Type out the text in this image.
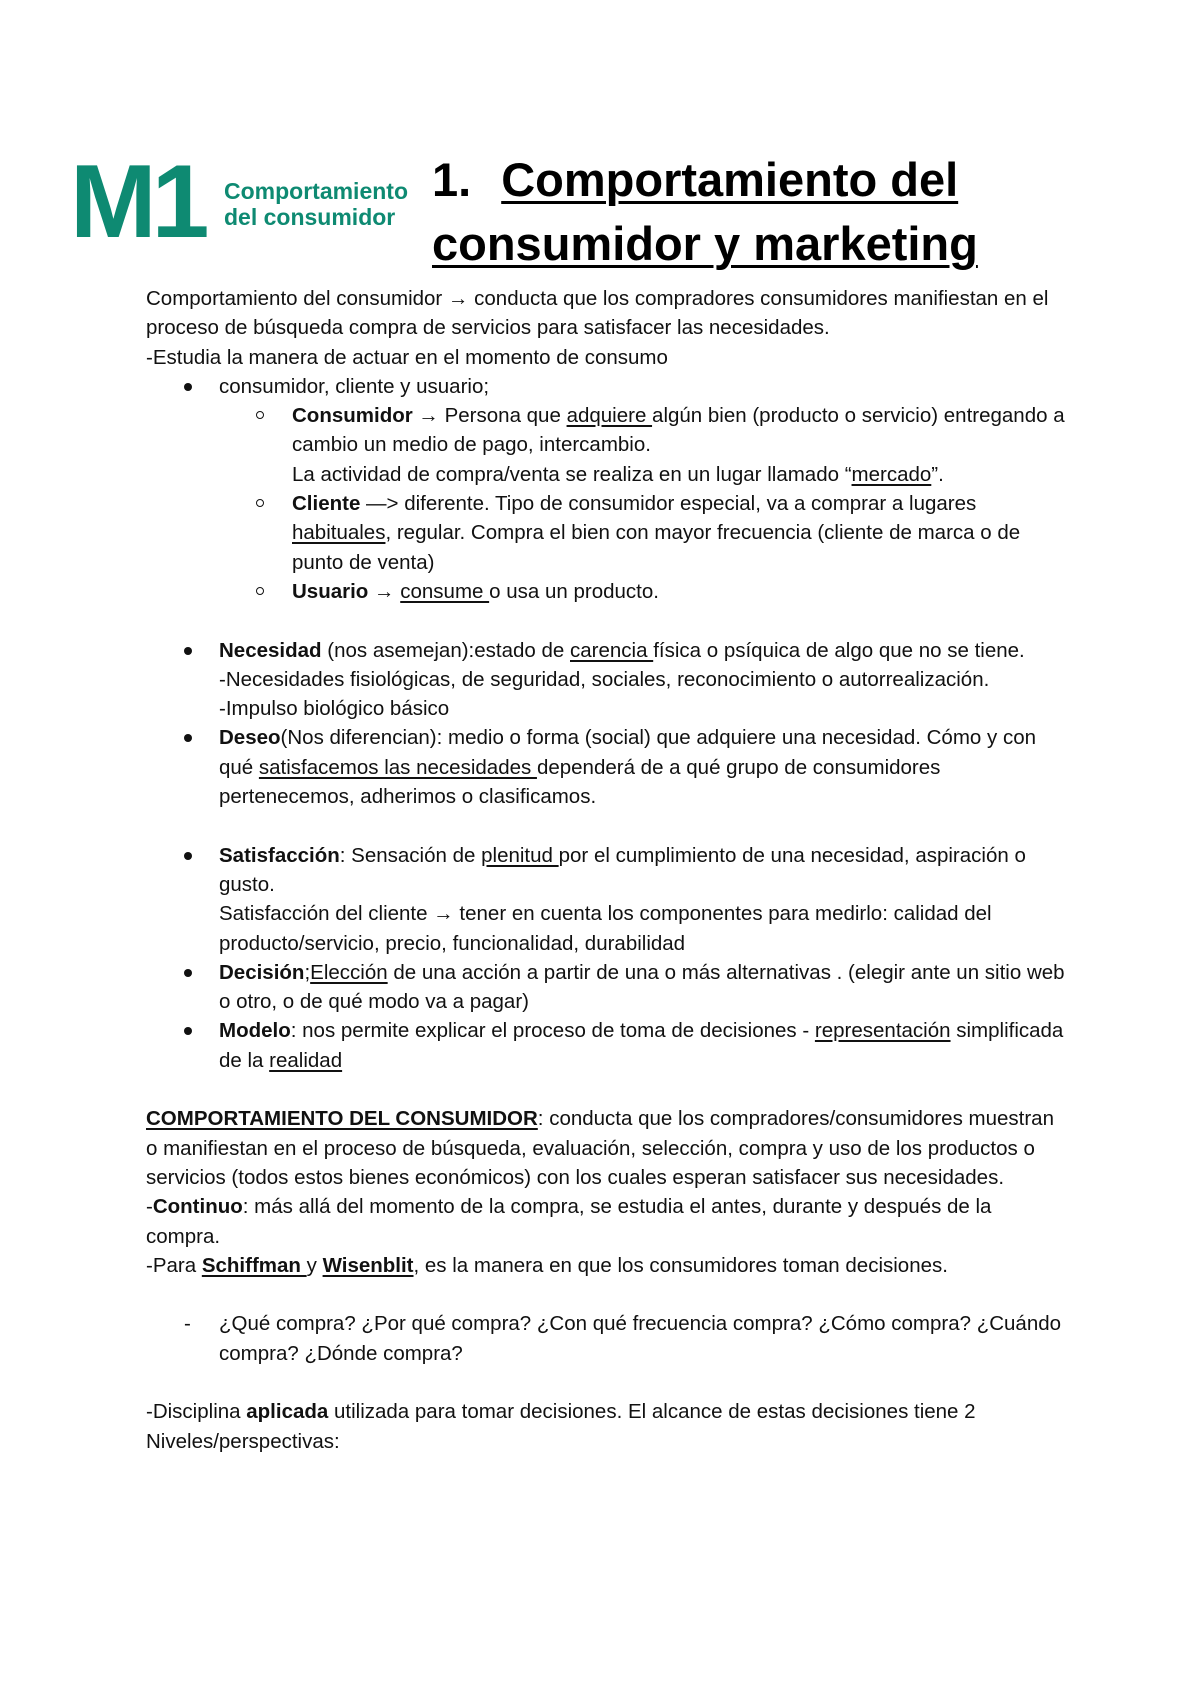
M1 Comportamiento
del consumidor
1. Comportamiento del
consumidor y marketing

Comportamiento del consumidor → conducta que los compradores consumidores manifiestan en el proceso de búsqueda compra de servicios para satisfacer las necesidades.

-Estudia la manera de actuar en el momento de consumo

consumidor, cliente y usuario;
Consumidor → Persona que adquiere algún bien (producto o servicio) entregando a cambio un medio de pago, intercambio.
La actividad de compra/venta se realiza en un lugar llamado “mercado”.
Cliente —> diferente. Tipo de consumidor especial, va a comprar a lugares habituales, regular. Compra el bien con mayor frecuencia (cliente de marca o de punto de venta)
Usuario → consume o usa un producto.
Necesidad (nos asemejan):estado de carencia física o psíquica de algo que no se tiene.
-Necesidades fisiológicas, de seguridad, sociales, reconocimiento o autorrealización.
-Impulso biológico básico
Deseo(Nos diferencian): medio o forma (social) que adquiere una necesidad. Cómo y con qué satisfacemos las necesidades dependerá de a qué grupo de consumidores pertenecemos, adherimos o clasificamos.
Satisfacción: Sensación de plenitud por el cumplimiento de una necesidad, aspiración o gusto.
Satisfacción del cliente → tener en cuenta los componentes para medirlo: calidad del producto/servicio, precio, funcionalidad, durabilidad
Decisión;Elección de una acción a partir de una o más alternativas . (elegir ante un sitio web o otro, o de qué modo va a pagar)
Modelo: nos permite explicar el proceso de toma de decisiones - representación simplificada de la realidad

COMPORTAMIENTO DEL CONSUMIDOR: conducta que los compradores/consumidores muestran o manifiestan en el proceso de búsqueda, evaluación, selección, compra y uso de los productos o servicios (todos estos bienes económicos) con los cuales esperan satisfacer sus necesidades.

-Continuo: más allá del momento de la compra, se estudia el antes, durante y después de la compra.

-Para Schiffman y Wisenblit, es la manera en que los consumidores toman decisiones.

- ¿Qué compra? ¿Por qué compra? ¿Con qué frecuencia compra? ¿Cómo compra? ¿Cuándo compra? ¿Dónde compra?

-Disciplina aplicada utilizada para tomar decisiones. El alcance de estas decisiones tiene 2 Niveles/perspectivas:
